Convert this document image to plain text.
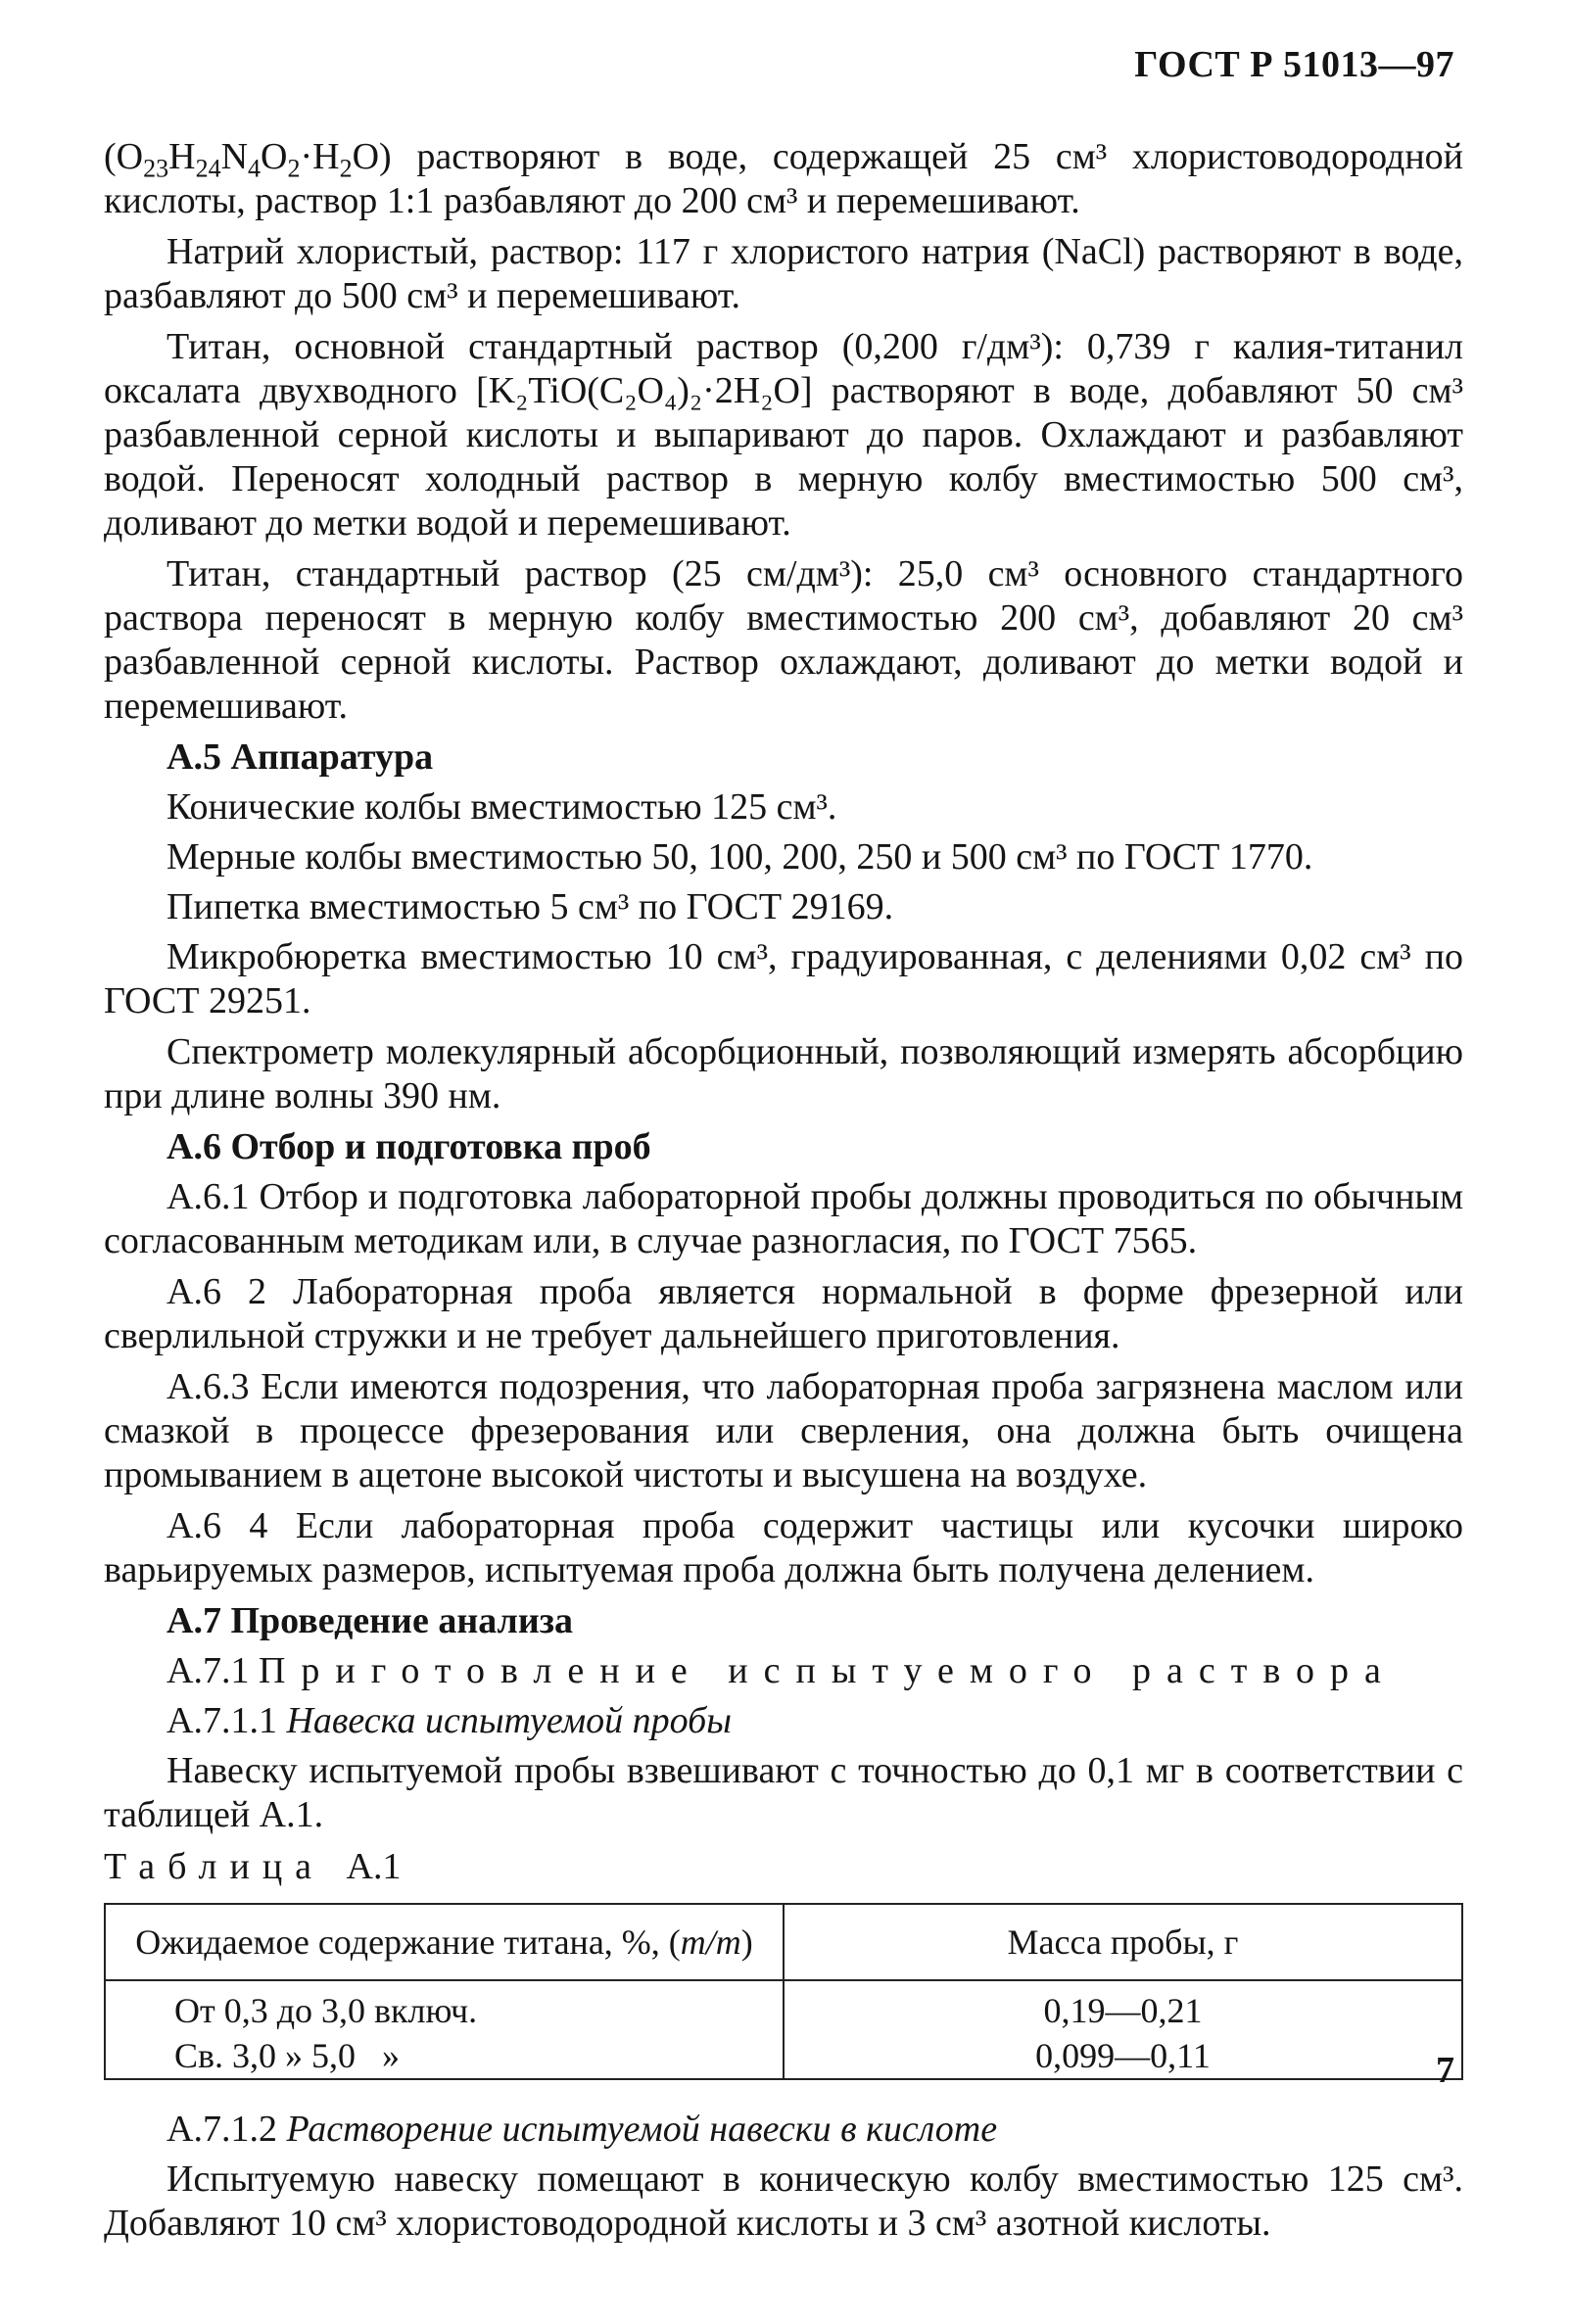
ГОСТ Р 51013—97

$(O_{23}H_{24}N_4O_2\cdot H_2O)$ растворяют в воде, содержащей 25 см³ хлористоводородной кислоты, раствор 1:1 разбавляют до 200 см³ и перемешивают.

Натрий хлористый, раствор: 117 г хлористого натрия (NaCl) растворяют в воде, разбавляют до 500 см³ и перемешивают.

Титан, основной стандартный раствор (0,200 г/дм³): 0,739 г калия-титанил оксалата двухводного [K₂TiO(C₂O₄)₂·2H₂O] растворяют в воде, добавляют 50 см³ разбавленной серной кислоты и выпаривают до паров. Охлаждают и разбавляют водой. Переносят холодный раствор в мерную колбу вместимостью 500 см³, доливают до метки водой и перемешивают.

Титан, стандартный раствор (25 см/дм³): 25,0 см³ основного стандартного раствора переносят в мерную колбу вместимостью 200 см³, добавляют 20 см³ разбавленной серной кислоты. Раствор охлаждают, доливают до метки водой и перемешивают.

А.5 Аппаратура
Конические колбы вместимостью 125 см³.
Мерные колбы вместимостью 50, 100, 200, 250 и 500 см³ по ГОСТ 1770.
Пипетка вместимостью 5 см³ по ГОСТ 29169.

Микробюретка вместимостью 10 см³, градуированная, с делениями 0,02 см³ по ГОСТ 29251.

Спектрометр молекулярный абсорбционный, позволяющий измерять абсорбцию при длине волны 390 нм.

А.6 Отбор и подготовка проб

А.6.1 Отбор и подготовка лабораторной пробы должны проводиться по обычным согласованным методикам или, в случае разногласия, по ГОСТ 7565.

А.6 2 Лабораторная проба является нормальной в форме фрезерной или сверлильной стружки и не требует дальнейшего приготовления.

А.6.3 Если имеются подозрения, что лабораторная проба загрязнена маслом или смазкой в процессе фрезерования или сверления, она должна быть очищена промыванием в ацетоне высокой чистоты и высушена на воздухе.

А.6 4 Если лабораторная проба содержит частицы или кусочки широко варьируемых размеров, испытуемая проба должна быть получена делением.

А.7 Проведение анализа
А.7.1 Приготовление испытуемого раствора
А.7.1.1 Навеска испытуемой пробы

Навеску испытуемой пробы взвешивают с точностью до 0,1 мг в соответствии с таблицей А.1.

Таблица А.1
Ожидаемое содержание титана, %, (m/m)	Масса пробы, г
От 0,3 до 3,0 включ.	0,19—0,21
Св. 3,0 » 5,0   »	0,099—0,11
А.7.1.2 Растворение испытуемой навески в кислоте

Испытуемую навеску помещают в коническую колбу вместимостью 125 см³. Добавляют 10 см³ хлористоводородной кислоты и 3 см³ азотной кислоты.

7
